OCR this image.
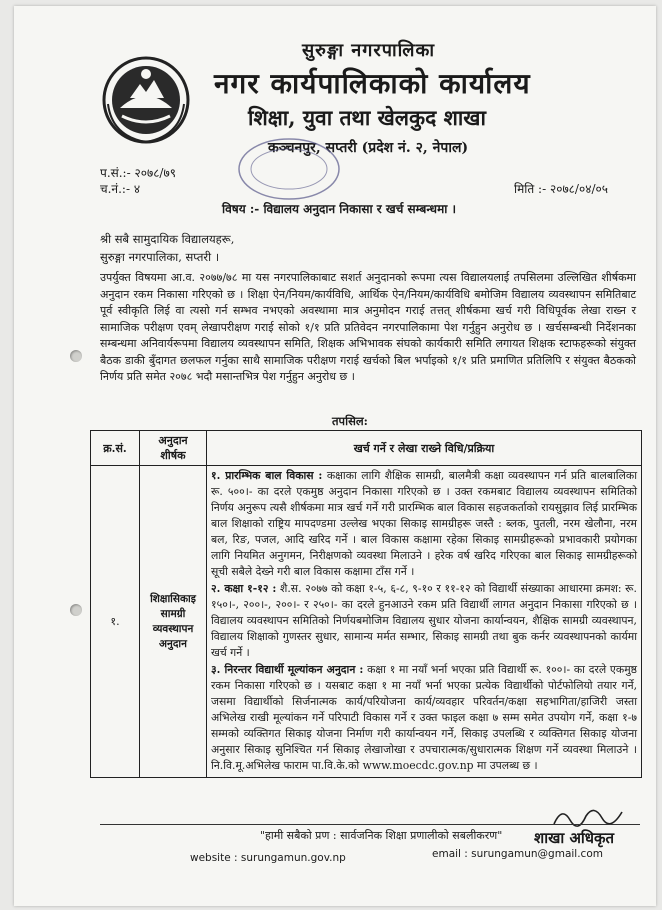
सुरुङ्गा नगरपालिका
नगर कार्यपालिकाको कार्यालय
शिक्षा, युवा तथा खेलकुद शाखा
कञ्चनपुर, सप्तरी (प्रदेश नं. २, नेपाल)
प.सं.:- २०७८/७९
च.नं.:- ४	मिति :- २०७८/०४/०५
विषय :- विद्यालय अनुदान निकासा र खर्च सम्बन्धमा ।
श्री सबै सामुदायिक विद्यालयहरू,
सुरुङ्गा नगरपालिका, सप्तरी ।

उपर्युक्त विषयमा आ.व. २०७७/७८ मा यस नगरपालिकाबाट सशर्त अनुदानको रूपमा त्यस विद्यालयलाई तपसिलमा उल्लिखित शीर्षकमा अनुदान रकम निकासा गरिएको छ । शिक्षा ऐन/नियम/कार्यविधि, आर्थिक ऐन/नियम/कार्यविधि बमोजिम विद्यालय व्यवस्थापन समितिबाट पूर्व स्वीकृति लिई वा त्यसो गर्न सम्भव नभएको अवस्थामा मात्र अनुमोदन गराई तत्तत् शीर्षकमा खर्च गरी विधिपूर्वक लेखा राख्न र सामाजिक परीक्षण एवम् लेखापरीक्षण गराई सोको १/१ प्रति प्रतिवेदन नगरपालिकामा पेश गर्नुहुन अनुरोध छ । खर्चसम्बन्धी निर्देशनका सम्बन्धमा अनिवार्यरूपमा विद्यालय व्यवस्थापन समिति, शिक्षक अभिभावक संघको कार्यकारी समिति लगायत शिक्षक स्टाफहरूको संयुक्त बैठक डाकी बुँदागत छलफल गर्नुका साथै सामाजिक परीक्षण गराई खर्चको बिल भर्पाइको १/१ प्रति प्रमाणित प्रतिलिपि र संयुक्त बैठकको निर्णय प्रति समेत २०७८ भदौ मसान्तभित्र पेश गर्नुहुन अनुरोध छ ।

तपसिल:
क्र.सं.	अनुदान शीर्षक	खर्च गर्ने र लेखा राख्ने विधि/प्रक्रिया
१.	शिक्षासिकाइ सामग्री व्यवस्थापन अनुदान	१. प्रारम्भिक बाल विकास : कक्षाका लागि शैक्षिक सामग्री, बालमैत्री कक्षा व्यवस्थापन गर्न प्रति बालबालिका रू. ५००।- का दरले एकमुष्ठ अनुदान निकासा गरिएको छ । उक्त रकमबाट विद्यालय व्यवस्थापन समितिको निर्णय अनुरूप त्यसै शीर्षकमा मात्र खर्च गर्ने गरी प्रारम्भिक बाल विकास सहजकर्ताको रायसुझाव लिई प्रारम्भिक बाल शिक्षाको राष्ट्रिय मापदण्डमा उल्लेख भएका सिकाइ सामग्रीहरू जस्तै : ब्लक, पुतली, नरम खेलौना, नरम बल, रिङ, पजल, आदि खरिद गर्ने । बाल विकास कक्षामा रहेका सिकाइ सामग्रीहरूको प्रभावकारी प्रयोगका लागि नियमित अनुगमन, निरीक्षणको व्यवस्था मिलाउने । हरेक वर्ष खरिद गरिएका बाल सिकाइ सामग्रीहरूको सूची सबैले देख्ने गरी बाल विकास कक्षामा टाँस गर्ने ।

२. कक्षा १-१२ : शै.स. २०७७ को कक्षा १-५, ६-८, ९-१० र ११-१२ को विद्यार्थी संख्याका आधारमा क्रमश: रू. १५०।-, २००।-, २००।- र २५०।- का दरले हुनआउने रकम प्रति विद्यार्थी लागत अनुदान निकासा गरिएको छ । विद्यालय व्यवस्थापन समितिको निर्णयबमोजिम विद्यालय सुधार योजना कार्यान्वयन, शैक्षिक सामग्री व्यवस्थापन, विद्यालय शिक्षाको गुणस्तर सुधार, सामान्य मर्मत सम्भार, सिकाइ सामग्री तथा बुक कर्नर व्यवस्थापनको कार्यमा खर्च गर्ने ।

३. निरन्तर विद्यार्थी मूल्यांकन अनुदान : कक्षा १ मा नयाँ भर्ना भएका प्रति विद्यार्थी रू. १००।- का दरले एकमुष्ठ रकम निकासा गरिएको छ । यसबाट कक्षा १ मा नयाँ भर्ना भएका प्रत्येक विद्यार्थीको पोर्टफोलियो तयार गर्ने, जसमा विद्यार्थीको सिर्जनात्मक कार्य/परियोजना कार्य/व्यवहार परिवर्तन/कक्षा सहभागिता/हाजिरी जस्ता अभिलेख राखी मूल्यांकन गर्ने परिपाटी विकास गर्ने र उक्त फाइल कक्षा ७ सम्म समेत उपयोग गर्ने, कक्षा १-७ सम्मको व्यक्तिगत सिकाइ योजना निर्माण गरी कार्यान्वयन गर्ने, सिकाइ उपलब्धि र व्यक्तिगत सिकाइ योजना अनुसार सिकाइ सुनिश्चित गर्न सिकाइ लेखाजोखा र उपचारात्मक/सुधारात्मक शिक्षण गर्ने व्यवस्था मिलाउने । नि.वि.मू.अभिलेख फाराम पा.वि.के.को www.moecdc.gov.np मा उपलब्ध छ ।

"हामी सबैको प्रण : सार्वजनिक शिक्षा प्रणालीको सबलीकरण" शाखा अधिकृत
website : surungamun.gov.np	email : surungamun@gmail.com
